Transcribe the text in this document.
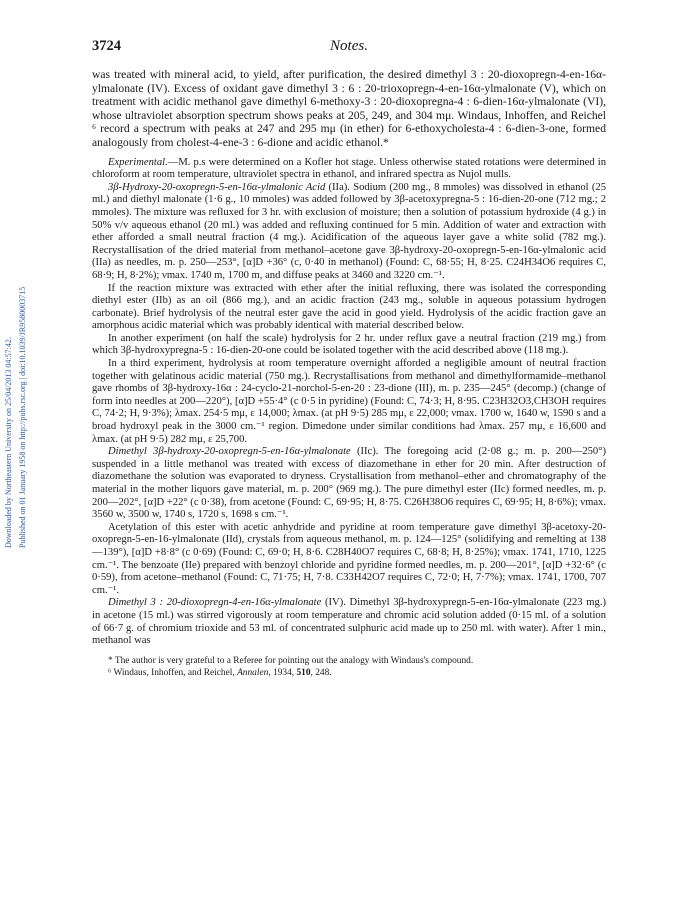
Downloaded by Northeastern University on 25/04/2013 04:57:42. Published on 01 January 1958 on http://pubs.rsc.org | doi:10.1039/JR9580003715
3724	Notes.

was treated with mineral acid, to yield, after purification, the desired dimethyl 3 : 20-dioxopregn-4-en-16α-ylmalonate (IV). Excess of oxidant gave dimethyl 3 : 6 : 20-trioxopregn-4-en-16α-ylmalonate (V), which on treatment with acidic methanol gave dimethyl 6-methoxy-3 : 20-dioxopregna-4 : 6-dien-16α-ylmalonate (VI), whose ultraviolet absorption spectrum shows peaks at 205, 249, and 304 mμ. Windaus, Inhoffen, and Reichel ⁶ record a spectrum with peaks at 247 and 295 mμ (in ether) for 6-ethoxycholesta-4 : 6-dien-3-one, formed analogously from cholest-4-ene-3 : 6-dione and acidic ethanol.*

Experimental.—M. p.s were determined on a Kofler hot stage. Unless otherwise stated rotations were determined in chloroform at room temperature, ultraviolet spectra in ethanol, and infrared spectra as Nujol mulls.

3β-Hydroxy-20-oxopregn-5-en-16α-ylmalonic Acid (IIa). Sodium (200 mg., 8 mmoles) was dissolved in ethanol (25 ml.) and diethyl malonate (1·6 g., 10 mmoles) was added followed by 3β-acetoxypregna-5 : 16-dien-20-one (712 mg.; 2 mmoles). The mixture was refluxed for 3 hr. with exclusion of moisture; then a solution of potassium hydroxide (4 g.) in 50% v/v aqueous ethanol (20 ml.) was added and refluxing continued for 5 min. Addition of water and extraction with ether afforded a small neutral fraction (4 mg.). Acidification of the aqueous layer gave a white solid (782 mg.). Recrystallisation of the dried material from methanol–acetone gave 3β-hydroxy-20-oxopregn-5-en-16α-ylmalonic acid (IIa) as needles, m. p. 250—253°, [α]D +36° (c, 0·40 in methanol) (Found: C, 68·55; H, 8·25. C24H34O6 requires C, 68·9; H, 8·2%); νmax. 1740 m, 1700 m, and diffuse peaks at 3460 and 3220 cm.⁻¹.

If the reaction mixture was extracted with ether after the initial refluxing, there was isolated the corresponding diethyl ester (IIb) as an oil (866 mg.), and an acidic fraction (243 mg., soluble in aqueous potassium hydrogen carbonate). Brief hydrolysis of the neutral ester gave the acid in good yield. Hydrolysis of the acidic fraction gave an amorphous acidic material which was probably identical with material described below.

In another experiment (on half the scale) hydrolysis for 2 hr. under reflux gave a neutral fraction (219 mg.) from which 3β-hydroxypregna-5 : 16-dien-20-one could be isolated together with the acid described above (118 mg.).

In a third experiment, hydrolysis at room temperature overnight afforded a negligible amount of neutral fraction together with gelatinous acidic material (750 mg.). Recrystallisations from methanol and dimethylformamide–methanol gave rhombs of 3β-hydroxy-16α : 24-cyclo-21-norchol-5-en-20 : 23-dione (III), m. p. 235—245° (decomp.) (change of form into needles at 200—220°), [α]D +55·4° (c 0·5 in pyridine) (Found: C, 74·3; H, 8·95. C23H32O3,CH3OH requires C, 74·2; H, 9·3%); λmax. 254·5 mμ, ε 14,000; λmax. (at pH 9·5) 285 mμ, ε 22,000; νmax. 1700 w, 1640 w, 1590 s and a broad hydroxyl peak in the 3000 cm.⁻¹ region. Dimedone under similar conditions had λmax. 257 mμ, ε 16,600 and λmax. (at pH 9·5) 282 mμ, ε 25,700.

Dimethyl 3β-hydroxy-20-oxopregn-5-en-16α-ylmalonate (IIc). The foregoing acid (2·08 g.; m. p. 200—250°) suspended in a little methanol was treated with excess of diazomethane in ether for 20 min. After destruction of diazomethane the solution was evaporated to dryness. Crystallisation from methanol–ether and chromatography of the material in the mother liquors gave material, m. p. 200° (969 mg.). The pure dimethyl ester (IIc) formed needles, m. p. 200—202°, [α]D +22° (c 0·38), from acetone (Found: C, 69·95; H, 8·75. C26H38O6 requires C, 69·95; H, 8·6%); νmax. 3560 w, 3500 w, 1740 s, 1720 s, 1698 s cm.⁻¹.

Acetylation of this ester with acetic anhydride and pyridine at room temperature gave dimethyl 3β-acetoxy-20-oxopregn-5-en-16-ylmalonate (IId), crystals from aqueous methanol, m. p. 124—125° (solidifying and remelting at 138—139°), [α]D +8·8° (c 0·69) (Found: C, 69·0; H, 8·6. C28H40O7 requires C, 68·8; H, 8·25%); νmax. 1741, 1710, 1225 cm.⁻¹. The benzoate (IIe) prepared with benzoyl chloride and pyridine formed needles, m. p. 200—201°, [α]D +32·6° (c 0·59), from acetone–methanol (Found: C, 71·75; H, 7·8. C33H42O7 requires C, 72·0; H, 7·7%); νmax. 1741, 1700, 707 cm.⁻¹.

Dimethyl 3 : 20-dioxopregn-4-en-16α-ylmalonate (IV). Dimethyl 3β-hydroxypregn-5-en-16α-ylmalonate (223 mg.) in acetone (15 ml.) was stirred vigorously at room temperature and chromic acid solution added (0·15 ml. of a solution of 66·7 g. of chromium trioxide and 53 ml. of concentrated sulphuric acid made up to 250 ml. with water). After 1 min., methanol was

* The author is very grateful to a Referee for pointing out the analogy with Windaus's compound.

⁶ Windaus, Inhoffen, and Reichel, Annalen, 1934, 510, 248.
